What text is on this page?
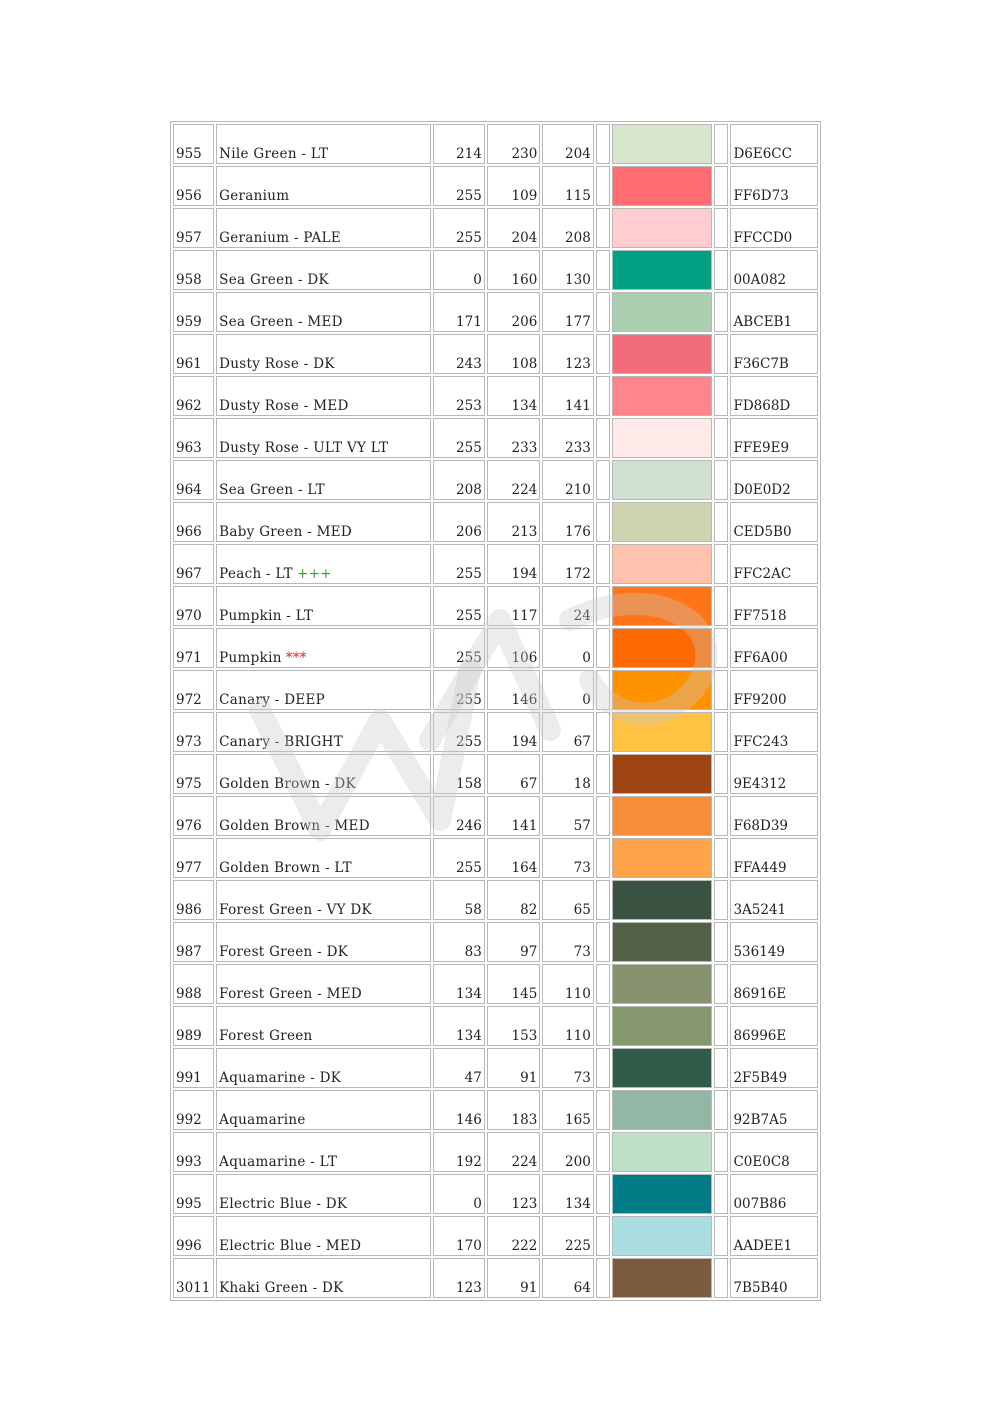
955	Nile Green - LT	214	230	204				D6E6CC
956	Geranium	255	109	115				FF6D73
957	Geranium - PALE	255	204	208				FFCCD0
958	Sea Green - DK	0	160	130				00A082
959	Sea Green - MED	171	206	177				ABCEB1
961	Dusty Rose - DK	243	108	123				F36C7B
962	Dusty Rose - MED	253	134	141				FD868D
963	Dusty Rose - ULT VY LT	255	233	233				FFE9E9
964	Sea Green - LT	208	224	210				D0E0D2
966	Baby Green - MED	206	213	176				CED5B0
967	Peach - LT +++	255	194	172				FFC2AC
970	Pumpkin - LT	255	117	24				FF7518
971	Pumpkin ***	255	106	0				FF6A00
972	Canary - DEEP	255	146	0				FF9200
973	Canary - BRIGHT	255	194	67				FFC243
975	Golden Brown - DK	158	67	18				9E4312
976	Golden Brown - MED	246	141	57				F68D39
977	Golden Brown - LT	255	164	73				FFA449
986	Forest Green - VY DK	58	82	65				3A5241
987	Forest Green - DK	83	97	73				536149
988	Forest Green - MED	134	145	110				86916E
989	Forest Green	134	153	110				86996E
991	Aquamarine - DK	47	91	73				2F5B49
992	Aquamarine	146	183	165				92B7A5
993	Aquamarine - LT	192	224	200				C0E0C8
995	Electric Blue - DK	0	123	134				007B86
996	Electric Blue - MED	170	222	225				AADEE1
3011	Khaki Green - DK	123	91	64				7B5B40
